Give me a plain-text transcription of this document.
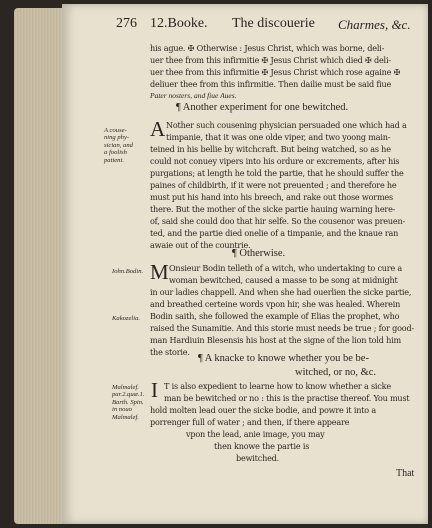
276 12.Booke. The discouerie Charmes, &c.
his ague. ✠ Otherwise : Jesus Christ, which was borne, deli-
uer thee from this infirmitie ✠ Jesus Christ which died ✠ deli-
uer thee from this infirmitie ✠ Jesus Christ which rose againe ✠
deliuer thee from this infirmitie. Then dailie must be said fiue
Pater nosters, and fiue Aues.
¶ Another experiment for one bewitched.
A couse-
ning phy-
sician, and
a foolish
patient.
A Nother such cousening physician persuaded one which had a
timpanie, that it was one olde viper, and two yoong main-
teined in his bellie by witchcraft. But being watched, so as he
could not conuey vipers into his ordure or excrements, after his
purgations; at length he told the partie, that he should suffer the
paines of childbirth, if it were not preuented ; and therefore he
must put his hand into his breech, and rake out those wormes
there. But the mother of the sicke partie hauing warning here-
of, said she could doo that hir selfe. So the cousenor was preuen-
ted, and the partie died onelie of a timpanie, and the knaue ran
awaie out of the countrie.
¶ Otherwise.
Iohn.Bodin.
Kakozelia.
M Onsieur Bodin telleth of a witch, who undertaking to cure a
woman bewitched, caused a masse to be song at midnight
in our ladies chappell. And when she had ouerlien the sicke partie,
and breathed certeine words vpon hir, she was healed. Wherein
Bodin saith, she followed the example of Elias the prophet, who
raised the Sunamitie. And this storie must needs be true ; for good-
man Hardiuin Blesensis his host at the signe of the lion told him
the storie.
¶ A knacke to knowe whether you be be-
witched, or no, &c.
Malmalef.
par.2.quæ.1.
Barth. Spin.
in nouo
Malmalef.
I T is also expedient to learne how to know whether a sicke
man be bewitched or no : this is the practise thereof. You must
hold molten lead ouer the sicke bodie, and powre it into a
porrenger full of water ; and then, if there appeare
vpon the lead, anie image, you may
then knowe the partie is
bewitched.
That
